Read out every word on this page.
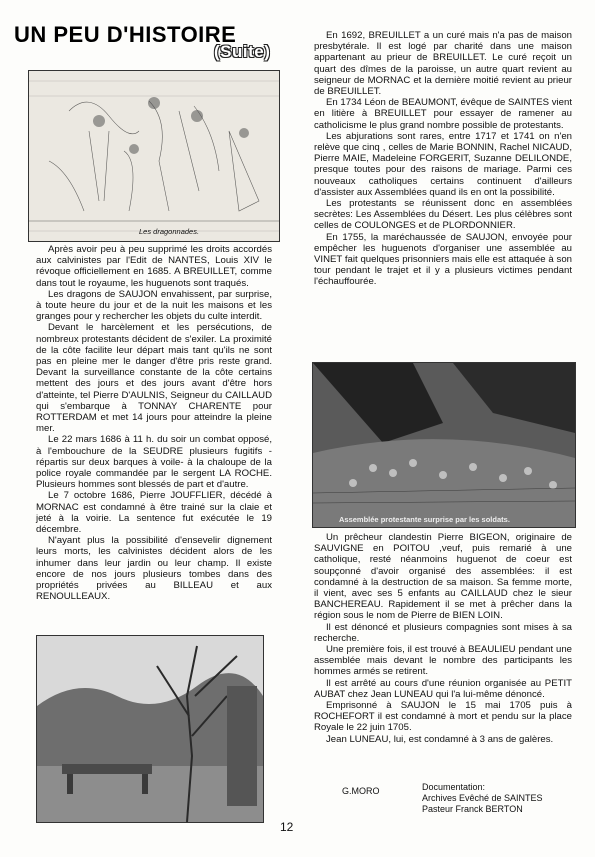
UN PEU D'HISTOIRE
(Suite)
Les dragonnades.

Après avoir peu à peu supprimé les droits accordés aux calvinistes par l'Edit de NANTES, Louis XIV le révoque officiellement en 1685. A BREUILLET, comme dans tout le royaume, les huguenots sont traqués.

Les dragons de SAUJON envahissent, par surprise, à toute heure du jour et de la nuit les maisons et les granges pour y rechercher les objets du culte interdit.

Devant le harcèlement et les persécutions, de nombreux protestants décident de s'exiler. La proximité de la côte facilite leur départ mais tant qu'ils ne sont pas en pleine mer le danger d'être pris reste grand. Devant la surveillance constante de la côte certains mettent des jours et des jours avant d'être hors d'atteinte, tel Pierre D'AULNIS, Seigneur du CAILLAUD qui s'embarque à TONNAY CHARENTE pour ROTTERDAM et met 14 jours pour atteindre la pleine mer.

Le 22 mars 1686 à 11 h. du soir un combat opposé, à l'embouchure de la SEUDRE plusieurs fugitifs -répartis sur deux barques à voile- à la chaloupe de la police royale commandée par le sergent LA ROCHE. Plusieurs hommes sont blessés de part et d'autre.

Le 7 octobre 1686, Pierre JOUFFLIER, décédé à MORNAC est condamné à être trainé sur la claie et jeté à la voirie. La sentence fut exécutée le 19 décembre.

N'ayant plus la possibilité d'ensevelir dignement leurs morts, les calvinistes décident alors de les inhumer dans leur jardin ou leur champ. Il existe encore de nos jours plusieurs tombes dans des propriétés privées au BILLEAU et aux RENOULLEAUX.

En 1692, BREUILLET a un curé mais n'a pas de maison presbytérale. Il est logé par charité dans une maison appartenant au prieur de BREUILLET. Le curé reçoit un quart des dîmes de la paroisse, un autre quart revient au seigneur de MORNAC et la dernière moitié revient au prieur de BREUILLET.

En 1734 Léon de BEAUMONT, évêque de SAINTES vient en litière à BREUILLET pour essayer de ramener au catholicisme le plus grand nombre possible de protestants.

Les abjurations sont rares, entre 1717 et 1741 on n'en relève que cinq , celles de Marie BONNIN, Rachel NICAUD, Pierre MAIE, Madeleine FORGERIT, Suzanne DELILONDE, presque toutes pour des raisons de mariage. Parmi ces nouveaux catholiques certains continuent d'ailleurs d'assister aux Assemblées quand ils en ont la possibilité.

Les protestants se réunissent donc en assemblées secrètes: Les Assemblées du Désert. Les plus célèbres sont celles de COULONGES et de PLORDONNIER.

En 1755, la maréchaussée de SAUJON, envoyée pour empêcher les huguenots d'organiser une assemblée au VINET fait quelques prisonniers mais elle est attaquée à son tour pendant le trajet et il y a plusieurs victimes pendant l'échauffourée.

Assemblée protestante surprise par les soldats.

Un prêcheur clandestin Pierre BIGEON, originaire de SAUVIGNE en POITOU ,veuf, puis remarié à une catholique, resté néanmoins huguenot de coeur est soupçonné d'avoir organisé des assemblées: il est condamné à la destruction de sa maison. Sa femme morte, il vient, avec ses 5 enfants au CAILLAUD chez le sieur BANCHEREAU. Rapidement il se met à prêcher dans la région sous le nom de Pierre de BIEN LOIN.

Il est dénoncé et plusieurs compagnies sont mises à sa recherche.

Une première fois, il est trouvé à BEAULIEU pendant une assemblée mais devant le nombre des participants les hommes armés se retirent.

Il est arrêté au cours d'une réunion organisée au PETIT AUBAT chez Jean LUNEAU qui l'a lui-même dénoncé.

Emprisonné à SAUJON le 15 mai 1705 puis à ROCHEFORT il est condamné à mort et pendu sur la place Royale le 22 juin 1705.

Jean LUNEAU, lui, est condamné à 3 ans de galères.

G.MORO	Documentation:
Archives Evêché de SAINTES
Pasteur Franck BERTON
12
